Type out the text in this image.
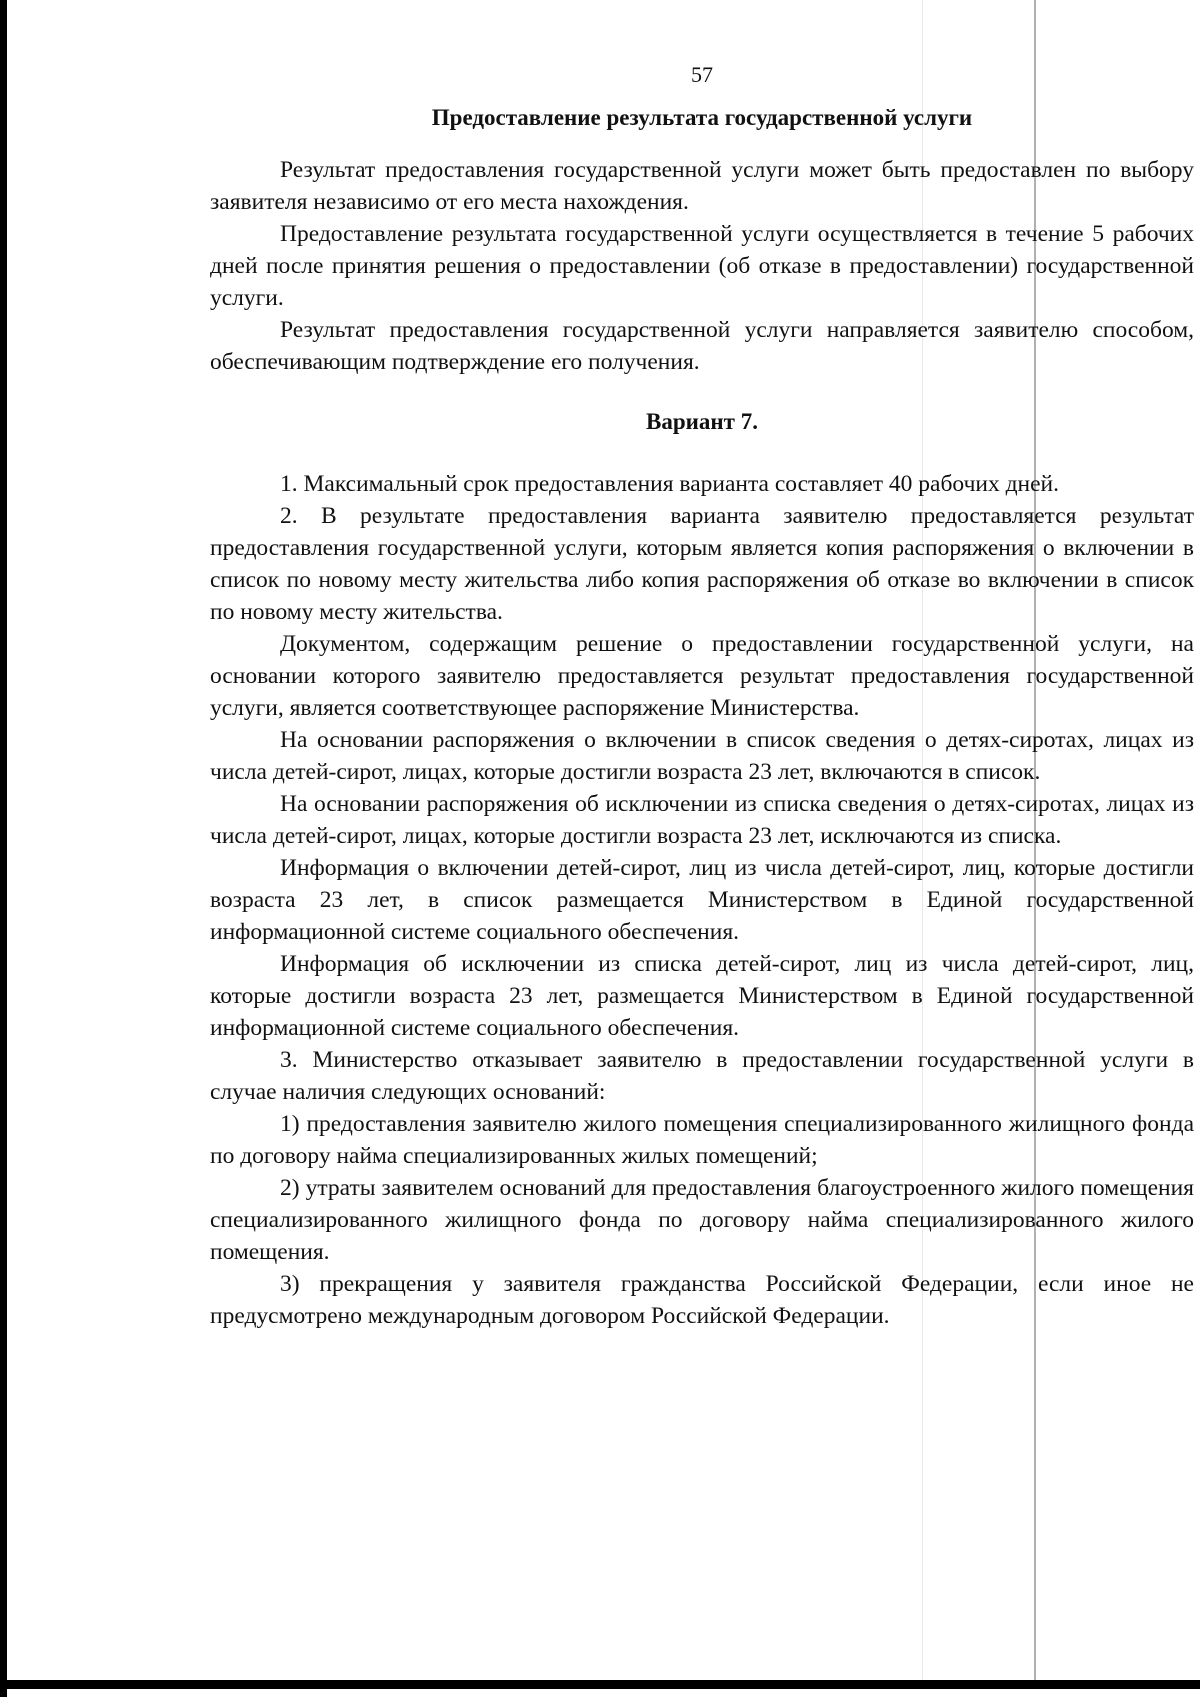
57
Предоставление результата государственной услуги

Результат предоставления государственной услуги может быть предоставлен по выбору заявителя независимо от его места нахождения.

Предоставление результата государственной услуги осуществляется в течение 5 рабочих дней после принятия решения о предоставлении (об отказе в предоставлении) государственной услуги.

Результат предоставления государственной услуги направляется заявителю способом, обеспечивающим подтверждение его получения.

Вариант 7.

1. Максимальный срок предоставления варианта составляет 40 рабочих дней.

2. В результате предоставления варианта заявителю предоставляется результат предоставления государственной услуги, которым является копия распоряжения о включении в список по новому месту жительства либо копия распоряжения об отказе во включении в список по новому месту жительства.

Документом, содержащим решение о предоставлении государственной услуги, на основании которого заявителю предоставляется результат предоставления государственной услуги, является соответствующее распоряжение Министерства.

На основании распоряжения о включении в список сведения о детях-сиротах, лицах из числа детей-сирот, лицах, которые достигли возраста 23 лет, включаются в список.

На основании распоряжения об исключении из списка сведения о детях-сиротах, лицах из числа детей-сирот, лицах, которые достигли возраста 23 лет, исключаются из списка.

Информация о включении детей-сирот, лиц из числа детей-сирот, лиц, которые достигли возраста 23 лет, в список размещается Министерством в Единой государственной информационной системе социального обеспечения.

Информация об исключении из списка детей-сирот, лиц из числа детей-сирот, лиц, которые достигли возраста 23 лет, размещается Министерством в Единой государственной информационной системе социального обеспечения.

3. Министерство отказывает заявителю в предоставлении государственной услуги в случае наличия следующих оснований:

1) предоставления заявителю жилого помещения специализированного жилищного фонда по договору найма специализированных жилых помещений;

2) утраты заявителем оснований для предоставления благоустроенного жилого помещения специализированного жилищного фонда по договору найма специализированного жилого помещения.

3) прекращения у заявителя гражданства Российской Федерации, если иное не предусмотрено международным договором Российской Федерации.
